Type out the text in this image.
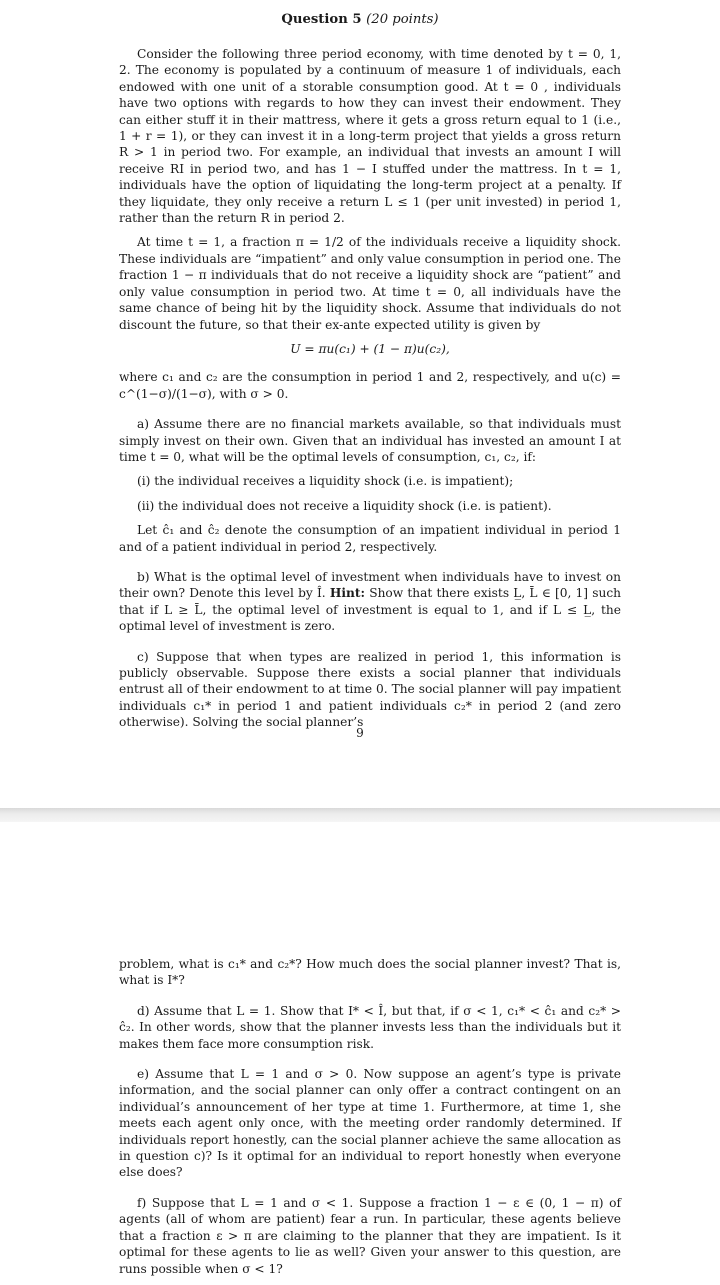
Question 5 (20 points)

Consider the following three period economy, with time denoted by t = 0, 1, 2. The economy is populated by a continuum of measure 1 of individuals, each endowed with one unit of a storable consumption good. At t = 0 , individuals have two options with regards to how they can invest their endowment. They can either stuff it in their mattress, where it gets a gross return equal to 1 (i.e., 1 + r = 1), or they can invest it in a long-term project that yields a gross return R > 1 in period two. For example, an individual that invests an amount I will receive RI in period two, and has 1 − I stuffed under the mattress. In t = 1, individuals have the option of liquidating the long-term project at a penalty. If they liquidate, they only receive a return L ≤ 1 (per unit invested) in period 1, rather than the return R in period 2.

At time t = 1, a fraction π = 1/2 of the individuals receive a liquidity shock. These individuals are “impatient” and only value consumption in period one. The fraction 1 − π individuals that do not receive a liquidity shock are “patient” and only value consumption in period two. At time t = 0, all individuals have the same chance of being hit by the liquidity shock. Assume that individuals do not discount the future, so that their ex-ante expected utility is given by

U = πu(c₁) + (1 − π)u(c₂),

where c₁ and c₂ are the consumption in period 1 and 2, respectively, and u(c) = c^(1−σ)/(1−σ), with σ > 0.

a) Assume there are no financial markets available, so that individuals must simply invest on their own. Given that an individual has invested an amount I at time t = 0, what will be the optimal levels of consumption, c₁, c₂, if:

(i) the individual receives a liquidity shock (i.e. is impatient);

(ii) the individual does not receive a liquidity shock (i.e. is patient).

Let ĉ₁ and ĉ₂ denote the consumption of an impatient individual in period 1 and of a patient individual in period 2, respectively.

b) What is the optimal level of investment when individuals have to invest on their own? Denote this level by Î. Hint: Show that there exists L̲, L̄ ∈ [0, 1] such that if L ≥ L̄, the optimal level of investment is equal to 1, and if L ≤ L̲, the optimal level of investment is zero.

c) Suppose that when types are realized in period 1, this information is publicly observable. Suppose there exists a social planner that individuals entrust all of their endowment to at time 0. The social planner will pay impatient individuals c₁* in period 1 and patient individuals c₂* in period 2 (and zero otherwise). Solving the social planner’s

9

problem, what is c₁* and c₂*? How much does the social planner invest? That is, what is I*?

d) Assume that L = 1. Show that I* < Î, but that, if σ < 1, c₁* < ĉ₁ and c₂* > ĉ₂. In other words, show that the planner invests less than the individuals but it makes them face more consumption risk.

e) Assume that L = 1 and σ > 0. Now suppose an agent’s type is private information, and the social planner can only offer a contract contingent on an individual’s announcement of her type at time 1. Furthermore, at time 1, she meets each agent only once, with the meeting order randomly determined. If individuals report honestly, can the social planner achieve the same allocation as in question c)? Is it optimal for an individual to report honestly when everyone else does?

f) Suppose that L = 1 and σ < 1. Suppose a fraction 1 − ε ∈ (0, 1 − π) of agents (all of whom are patient) fear a run. In particular, these agents believe that a fraction ε > π are claiming to the planner that they are impatient. Is it optimal for these agents to lie as well? Given your answer to this question, are runs possible when σ < 1?
